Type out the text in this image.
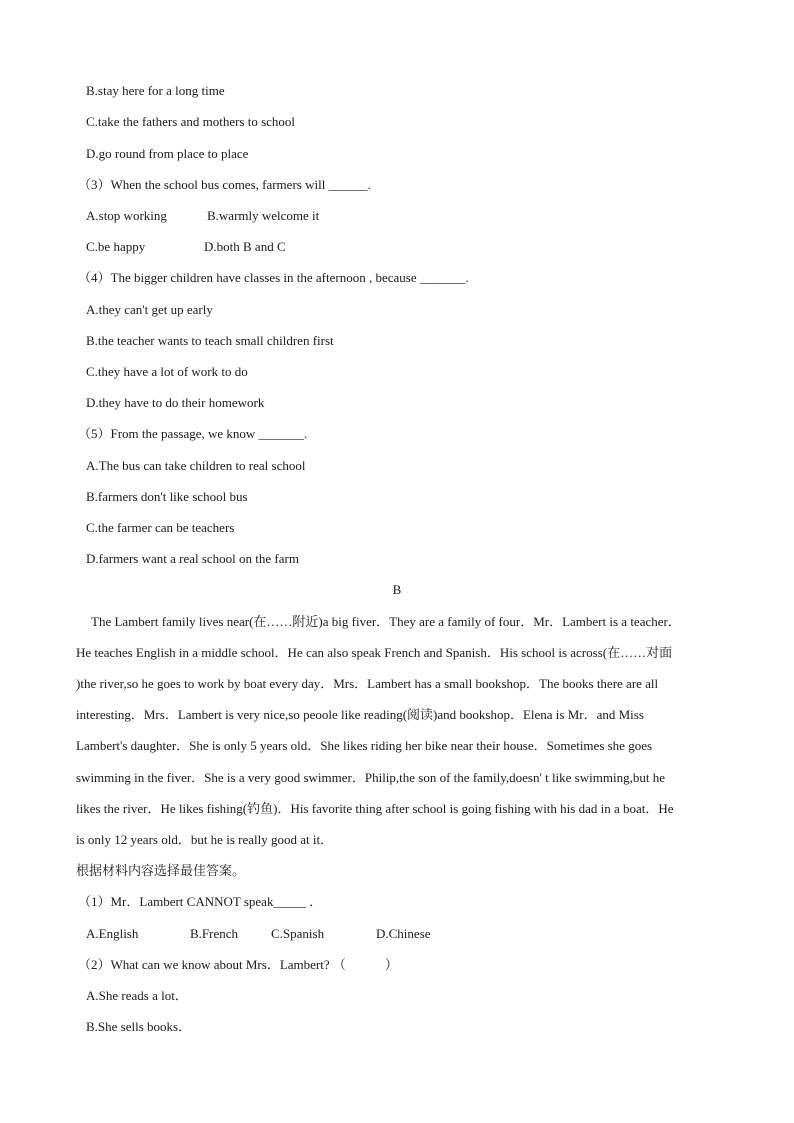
B.stay here for a long time
C.take the fathers and mothers to school
D.go round from place to place
（3）When the school bus comes, farmers will ______.
A.stop working	B.warmly welcome it
C.be happy	D.both B and C
（4）The bigger children have classes in the afternoon , because _______.
A.they can't get up early
B.the teacher wants to teach small children first
C.they have a lot of work to do
D.they have to do their homework
（5）From the passage, we know _______.
A.The bus can take children to real school
B.farmers don't like school bus
C.the farmer can be teachers
D.farmers want a real school on the farm
B
The Lambert family lives near(在……附近)a big fiver．They are a family of four．Mr．Lambert is a teacher．
He teaches English in a middle school．He can also speak French and Spanish．His school is across(在……对面
)the river,so he goes to work by boat every day．Mrs．Lambert has a small bookshop．The books there are all
interesting．Mrs．Lambert is very nice,so peoole like reading(阅读)and bookshop．Elena is Mr．and Miss
Lambert's daughter．She is only 5 years old．She likes riding her bike near their house．Sometimes she goes
swimming in the fiver．She is a very good swimmer．Philip,the son of the family,doesn' t like swimming,but he
likes the river．He likes fishing(钓鱼)．His favorite thing after school is going fishing with his dad in a boat．He
is only 12 years old．but he is really good at it．
根据材料内容选择最佳答案。
（1）Mr．Lambert CANNOT speak_____ ．
A.English	B.French	C.Spanish	D.Chinese
（2）What can we know about Mrs．Lambert? （　　　）
A.She reads a lot．
B.She sells books．
